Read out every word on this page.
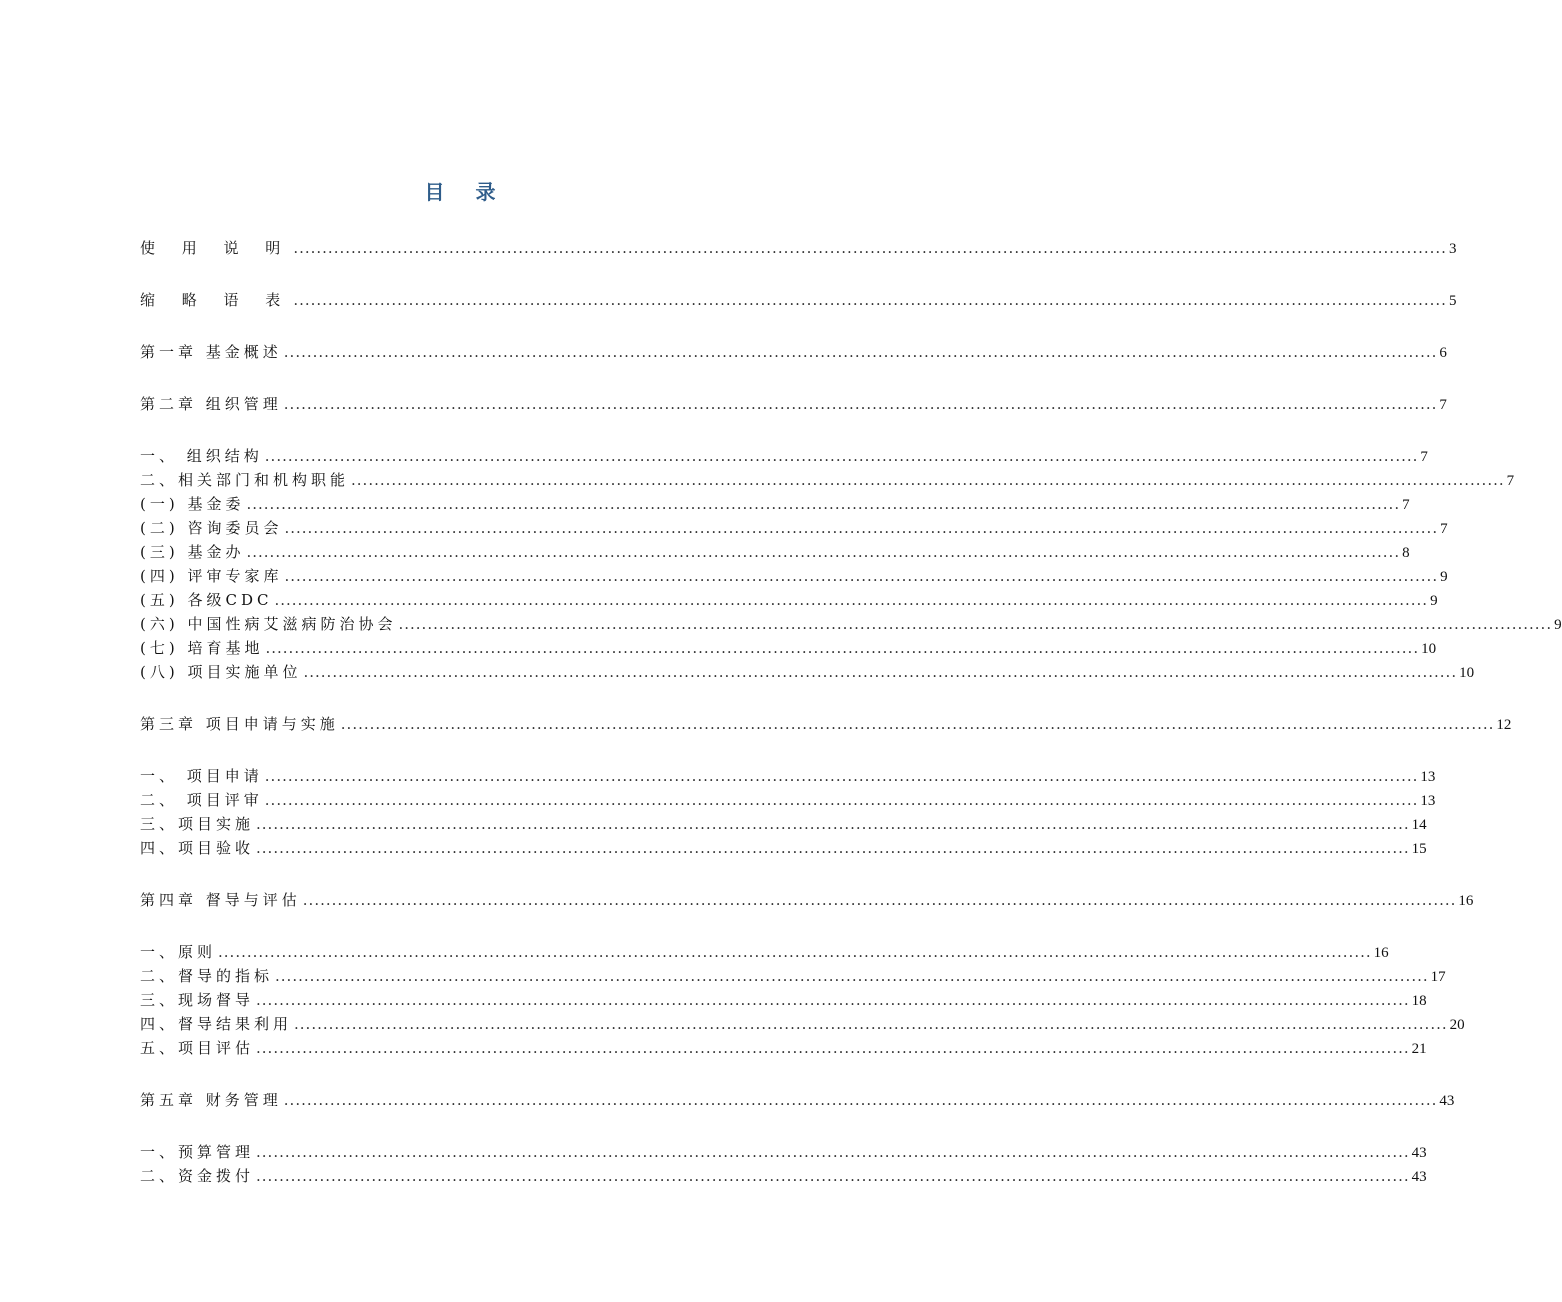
目 录
使 用 说 明 ........................................................................................................................................................................................................ 3
缩 略 语 表 ........................................................................................................................................................................................................ 5
第一章 基金概述 ........................................................................................................................................................................................................ 6
第二章 组织管理 ........................................................................................................................................................................................................ 7
一、 组织结构 ........................................................................................................................................................................................................ 7
二、相关部门和机构职能 ........................................................................................................................................................................................................ 7
(一) 基金委 ........................................................................................................................................................................................................ 7
(二) 咨询委员会 ........................................................................................................................................................................................................ 7
(三) 基金办 ........................................................................................................................................................................................................ 8
(四) 评审专家库 ........................................................................................................................................................................................................ 9
(五) 各级CDC ........................................................................................................................................................................................................ 9
(六) 中国性病艾滋病防治协会 ........................................................................................................................................................................................................ 9
(七) 培育基地 ........................................................................................................................................................................................................ 10
(八) 项目实施单位 ........................................................................................................................................................................................................ 10
第三章 项目申请与实施 ........................................................................................................................................................................................................ 12
一、 项目申请 ........................................................................................................................................................................................................ 13
二、 项目评审 ........................................................................................................................................................................................................ 13
三、项目实施 ........................................................................................................................................................................................................ 14
四、项目验收 ........................................................................................................................................................................................................ 15
第四章 督导与评估 ........................................................................................................................................................................................................ 16
一、原则 ........................................................................................................................................................................................................ 16
二、督导的指标 ........................................................................................................................................................................................................ 17
三、现场督导 ........................................................................................................................................................................................................ 18
四、督导结果利用 ........................................................................................................................................................................................................ 20
五、项目评估 ........................................................................................................................................................................................................ 21
第五章 财务管理 ........................................................................................................................................................................................................ 43
一、预算管理 ........................................................................................................................................................................................................ 43
二、资金拨付 ........................................................................................................................................................................................................ 43
